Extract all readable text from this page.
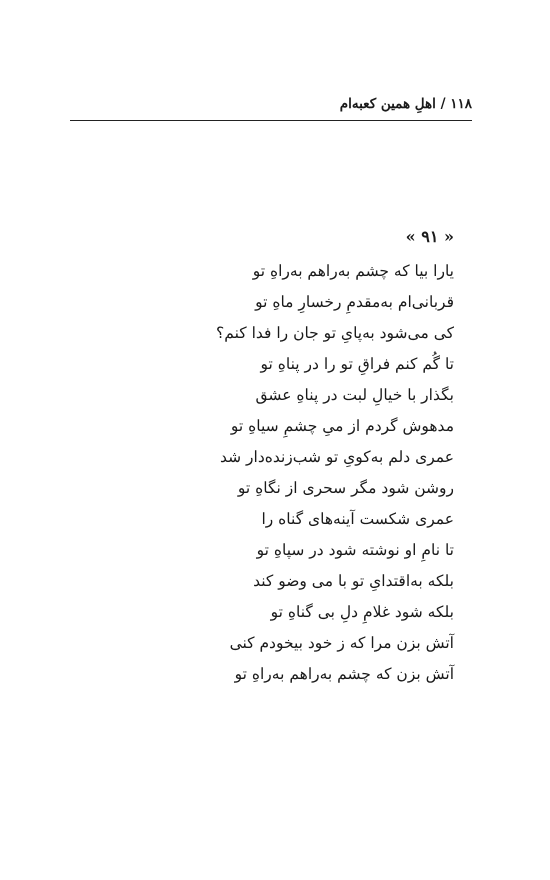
۱۱۸ / اهلِ همین کعبه‌ام
« ۹۱ »
یارا بیا که چشم به‌راهم به‌راهِ تو
قربانی‌ام به‌مقدمِ رخسارِ ماهِ تو
کی می‌شود به‌پایِ تو جان را فدا کنم؟
تا گُم کنم فراقِ تو را در پناهِ تو
بگذار با خیالِ لبت در پناهِ عشق
مدهوش گردم از میِ چشمِ سیاهِ تو
عمری دلم به‌کویِ تو شب‌زنده‌دار شد
روشن شود مگر سحری از نگاهِ تو
عمری شکست آینه‌های گناه را
تا نامِ او نوشته شود در سپاهِ تو
بلکه به‌اقتدایِ تو با می وضو کند
بلکه شود غلامِ دلِ بی گناهِ تو
آتش بزن مرا که ز خود بیخودم کنی
آتش بزن که چشم به‌راهم به‌راهِ تو
